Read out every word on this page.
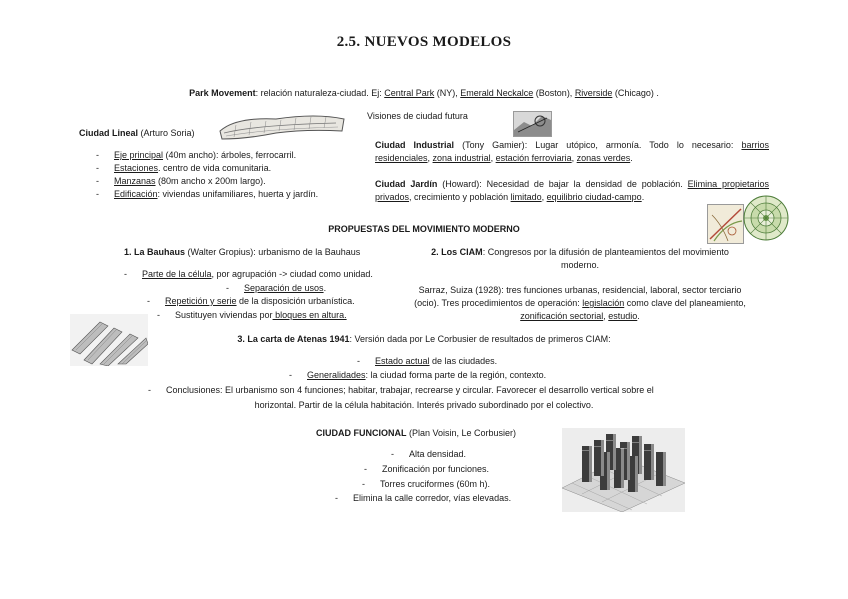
2.5. NUEVOS MODELOS
Park Movement: relación naturaleza-ciudad. Ej: Central Park (NY), Emerald Neckalce (Boston), Riverside (Chicago) .
Visiones de ciudad futura
Ciudad Lineal (Arturo Soria)
- Eje principal (40m ancho): árboles, ferrocarril.
- Estaciones. centro de vida comunitaria.
- Manzanas (80m ancho x 200m largo).
- Edificación: viviendas unifamiliares, huerta y jardín.
Ciudad Industrial (Tony Gamier): Lugar utópico, armonía. Todo lo necesario: barrios residenciales, zona industrial, estación ferroviaria, zonas verdes.
Ciudad Jardín (Howard): Necesidad de bajar la densidad de población. Elimina propietarios privados, crecimiento y población limitado, equilibrio ciudad-campo.
PROPUESTAS DEL MOVIMIENTO MODERNO
1. La Bauhaus (Walter Gropius): urbanismo de la Bauhaus
- Parte de la célula, por agrupación -> ciudad como unidad.
- Separación de usos.
- Repetición y serie de la disposición urbanística.
- Sustituyen viviendas por bloques en altura.
2. Los CIAM: Congresos por la difusión de planteamientos del movimiento moderno.
Sarraz, Suiza (1928): tres funciones urbanas, residencial, laboral, sector terciario (ocio). Tres procedimientos de operación: legislación como clave del planeamiento, zonificación sectorial, estudio.
3. La carta de Atenas 1941: Versión dada por Le Corbusier de resultados de primeros CIAM:
- Estado actual de las ciudades.
- Generalidades: la ciudad forma parte de la región, contexto.
- Conclusiones: El urbanismo son 4 funciones; habitar, trabajar, recrearse y circular. Favorecer el desarrollo vertical sobre el
horizontal. Partir de la célula habitación. Interés privado subordinado por el colectivo.
CIUDAD FUNCIONAL (Plan Voisin, Le Corbusier)
- Alta densidad.
- Zonificación por funciones.
- Torres cruciformes (60m h).
- Elimina la calle corredor, vías elevadas.
